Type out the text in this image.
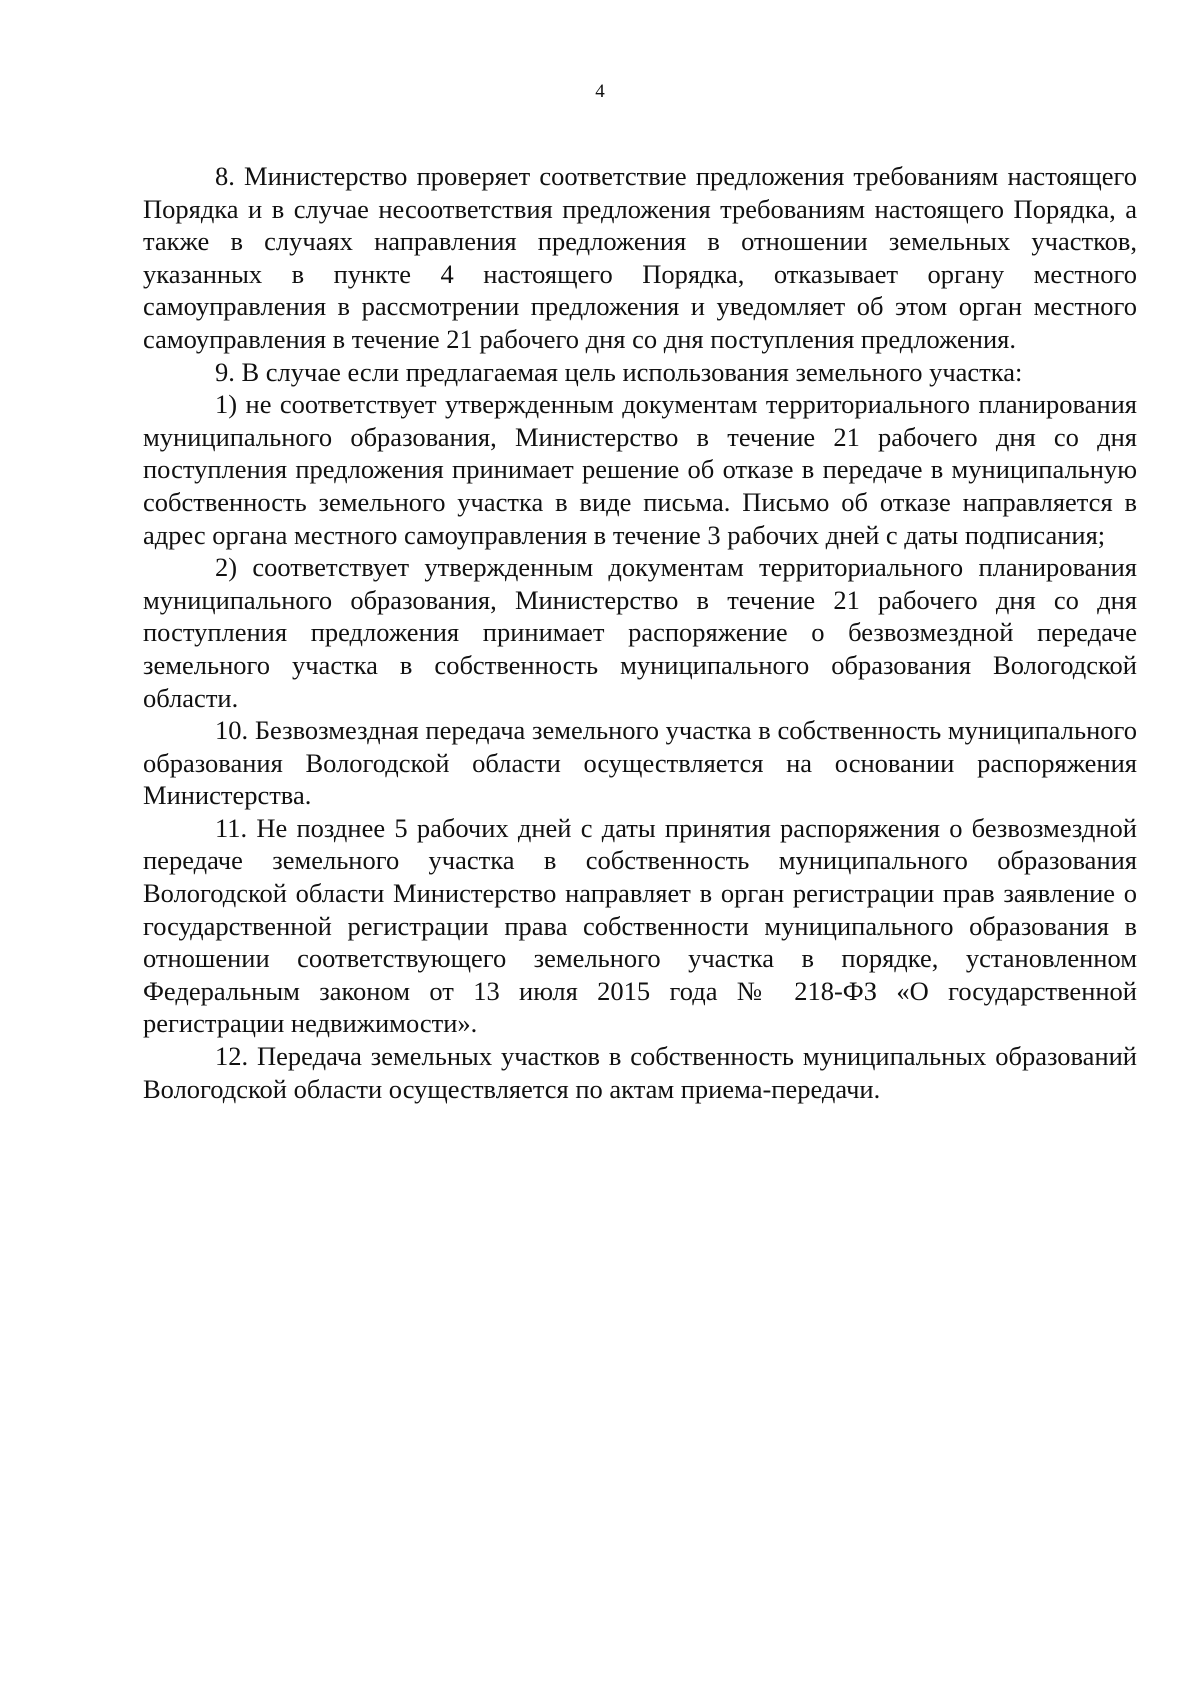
4

8. Министерство проверяет соответствие предложения требованиям настоящего Порядка и в случае несоответствия предложения требованиям настоящего Порядка, а также в случаях направления предложения в отношении земельных участков, указанных в пункте 4 настоящего Порядка, отказывает органу местного самоуправления в рассмотрении предложения и уведомляет об этом орган местного самоуправления в течение 21 рабочего дня со дня поступления предложения.

9. В случае если предлагаемая цель использования земельного участка:

1) не соответствует утвержденным документам территориального планирования муниципального образования, Министерство в течение 21 рабочего дня со дня поступления предложения принимает решение об отказе в передаче в муниципальную собственность земельного участка в виде письма. Письмо об отказе направляется в адрес органа местного самоуправления в течение 3 рабочих дней с даты подписания;

2) соответствует утвержденным документам территориального планирования муниципального образования, Министерство в течение 21 рабочего дня со дня поступления предложения принимает распоряжение о безвозмездной передаче земельного участка в собственность муниципального образования Вологодской области.

10. Безвозмездная передача земельного участка в собственность муниципального образования Вологодской области осуществляется на основании распоряжения Министерства.

11. Не позднее 5 рабочих дней с даты принятия распоряжения о безвозмездной передаче земельного участка в собственность муниципального образования Вологодской области Министерство направляет в орган регистрации прав заявление о государственной регистрации права собственности муниципального образования в отношении соответствующего земельного участка в порядке, установленном Федеральным законом от 13 июля 2015 года № 218-ФЗ «О государственной регистрации недвижимости».

12. Передача земельных участков в собственность муниципальных образований Вологодской области осуществляется по актам приема-передачи.
